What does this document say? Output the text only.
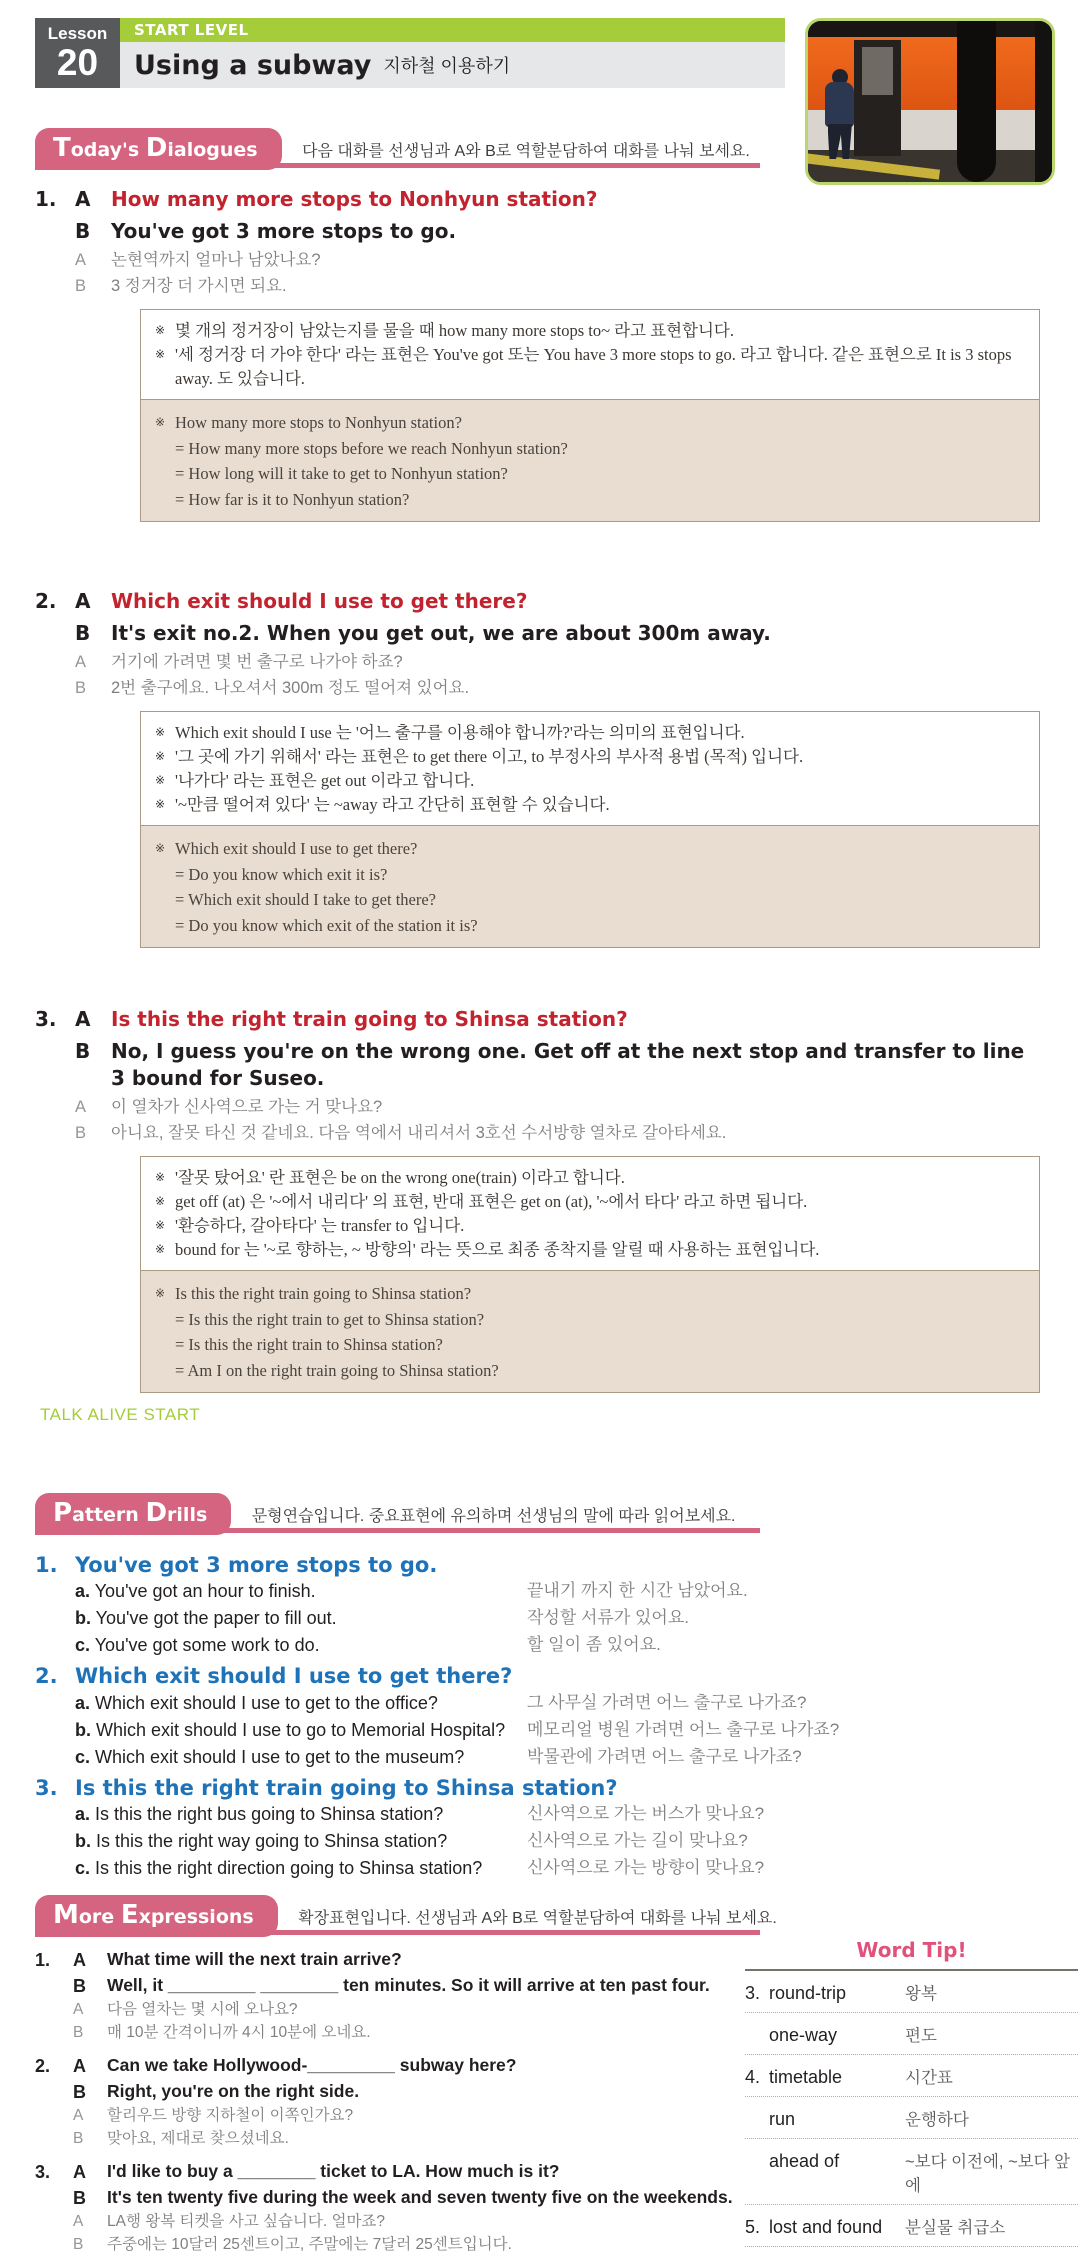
Lesson
20
START LEVEL
Using a subway 지하철 이용하기
Today's Dialogues	다음 대화를 선생님과 A와 B로 역할분담하여 대화를 나눠 보세요.
1. A	How many more stops to Nonhyun station?
B	You've got 3 more stops to go.
A	논현역까지 얼마나 남았나요?
B	3 정거장 더 가시면 되요.
※ 몇 개의 정거장이 남았는지를 물을 때 how many more stops to~ 라고 표현합니다.
※ '세 정거장 더 가야 한다' 라는 표현은 You've got 또는 You have 3 more stops to go. 라고 합니다. 같은 표현으로 It is 3 stops away. 도 있습니다.
※ How many more stops to Nonhyun station?
= How many more stops before we reach Nonhyun station?
= How long will it take to get to Nonhyun station?
= How far is it to Nonhyun station?
2. A	Which exit should I use to get there?
B	It's exit no.2. When you get out, we are about 300m away.
A	거기에 가려면 몇 번 출구로 나가야 하죠?
B	2번 출구에요. 나오셔서 300m 정도 떨어져 있어요.
※ Which exit should I use 는 '어느 출구를 이용해야 합니까?'라는 의미의 표현입니다.
※ '그 곳에 가기 위해서' 라는 표현은 to get there 이고, to 부정사의 부사적 용법 (목적) 입니다.
※ '나가다' 라는 표현은 get out 이라고 합니다.
※ '~만큼 떨어져 있다' 는 ~away 라고 간단히 표현할 수 있습니다.
※ Which exit should I use to get there?
= Do you know which exit it is?
= Which exit should I take to get there?
= Do you know which exit of the station it is?
3. A	Is this the right train going to Shinsa station?
B	No, I guess you're on the wrong one. Get off at the next stop and transfer to line 3 bound for Suseo.
A	이 열차가 신사역으로 가는 거 맞나요?
B	아니요, 잘못 타신 것 같네요. 다음 역에서 내리셔서 3호선 수서방향 열차로 갈아타세요.
※ '잘못 탔어요' 란 표현은 be on the wrong one(train) 이라고 합니다.
※ get off (at) 은 '~에서 내리다' 의 표현, 반대 표현은 get on (at), '~에서 타다' 라고 하면 됩니다.
※ '환승하다, 갈아타다' 는 transfer to 입니다.
※ bound for 는 '~로 향하는, ~ 방향의' 라는 뜻으로 최종 종착지를 알릴 때 사용하는 표현입니다.
※ Is this the right train going to Shinsa station?
= Is this the right train to get to Shinsa station?
= Is this the right train to Shinsa station?
= Am I on the right train going to Shinsa station?
TALK ALIVE START
Pattern Drills	문형연습입니다. 중요표현에 유의하며 선생님의 말에 따라 읽어보세요.
1. You've got 3 more stops to go.
a. You've got an hour to finish.	끝내기 까지 한 시간 남았어요.
b. You've got the paper to fill out.	작성할 서류가 있어요.
c. You've got some work to do.	할 일이 좀 있어요.
2. Which exit should I use to get there?
a. Which exit should I use to get to the office?	그 사무실 가려면 어느 출구로 나가죠?
b. Which exit should I use to go to Memorial Hospital?	메모리얼 병원 가려면 어느 출구로 나가죠?
c. Which exit should I use to get to the museum?	박물관에 가려면 어느 출구로 나가죠?
3. Is this the right train going to Shinsa station?
a. Is this the right bus going to Shinsa station?	신사역으로 가는 버스가 맞나요?
b. Is this the right way going to Shinsa station?	신사역으로 가는 길이 맞나요?
c. Is this the right direction going to Shinsa station?	신사역으로 가는 방향이 맞나요?
More Expressions	확장표현입니다. 선생님과 A와 B로 역할분담하여 대화를 나눠 보세요.
1.	A	What time will the next train arrive?
B	Well, it _________ ________ ten minutes. So it will arrive at ten past four.
A	다음 열차는 몇 시에 오나요?
B	매 10분 간격이니까 4시 10분에 오네요.
2.	A	Can we take Hollywood-_________ subway here?
B	Right, you're on the right side.
A	할리우드 방향 지하철이 이쪽인가요?
B	맞아요, 제대로 찾으셨네요.
3.	A	I'd like to buy a ________ ticket to LA. How much is it?
B	It's ten twenty five during the week and seven twenty five on the weekends.
A	LA행 왕복 티켓을 사고 싶습니다. 얼마죠?
B	주중에는 10달러 25센트이고, 주말에는 7달러 25센트입니다.
Word Tip!
3. round-trip	왕복
one-way	편도
4. timetable	시간표
run	운행하다
ahead of	~보다 이전에, ~보다 앞에
5. lost and found	분실물 취급소
